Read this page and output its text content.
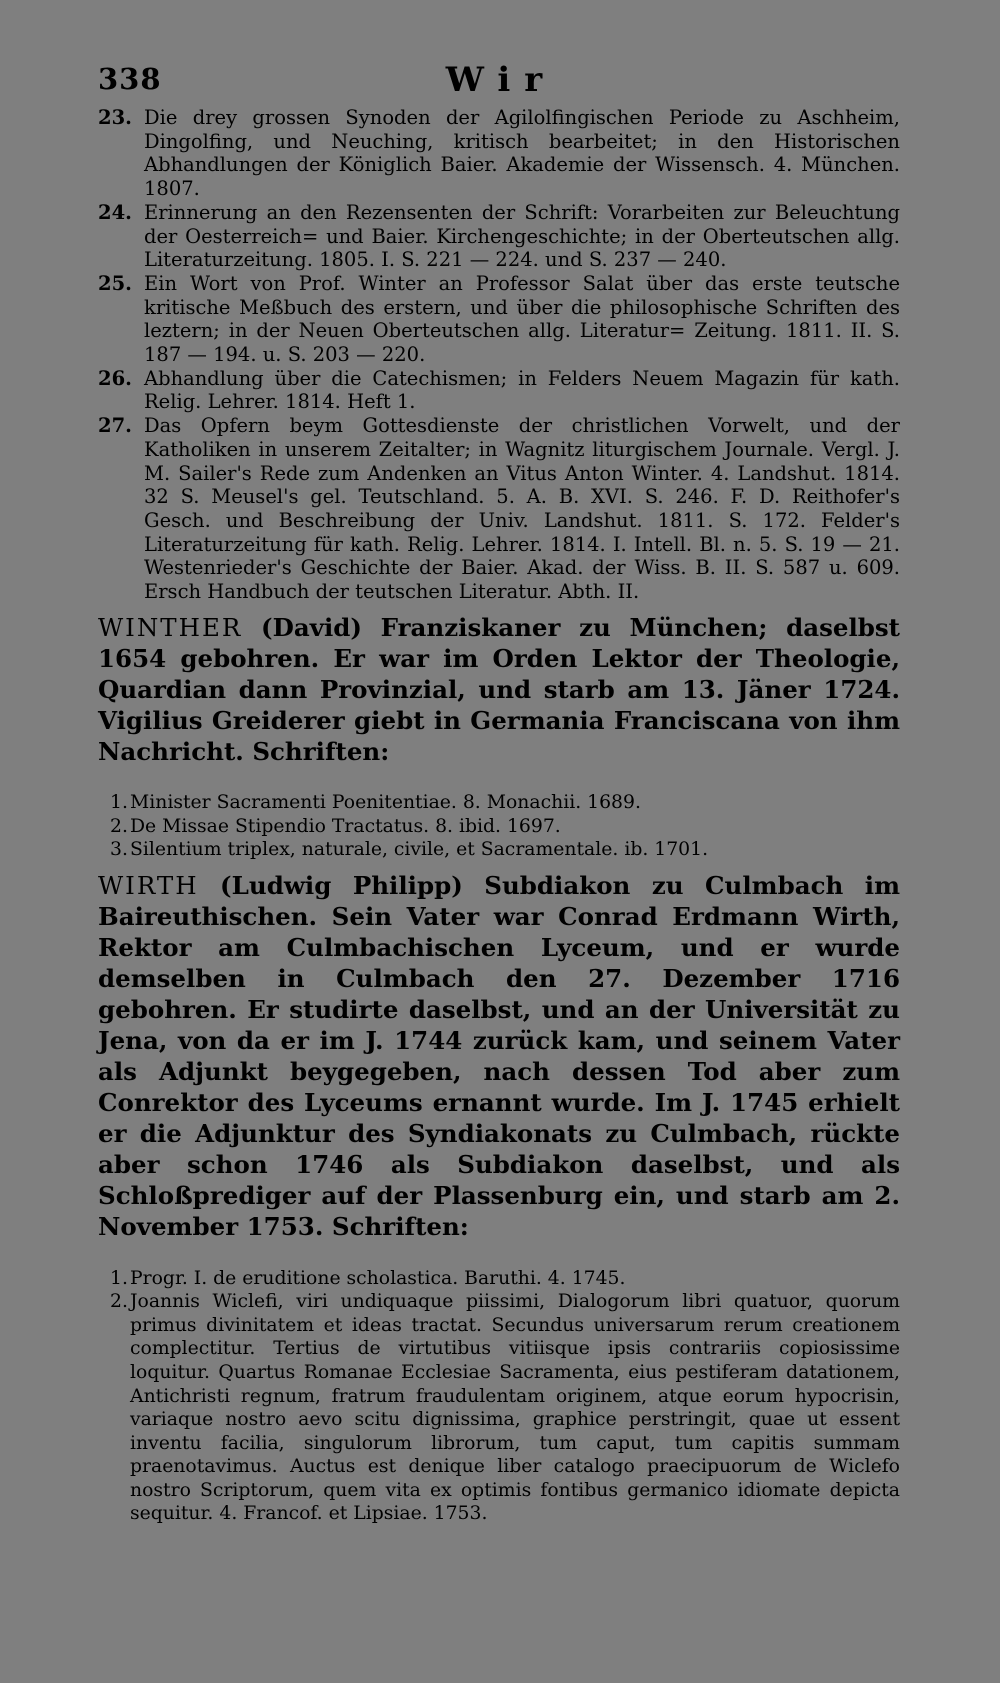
338	Wir

23. Die drey grossen Synoden der Agilolfingischen Periode zu Aschheim, Dingolfing, und Neuching, kritisch bearbeitet; in den Historischen Abhandlungen der Königlich Baier. Akademie der Wissensch. 4. München. 1807.

24. Erinnerung an den Rezensenten der Schrift: Vorarbeiten zur Beleuchtung der Oesterreich= und Baier. Kirchengeschichte; in der Oberteutschen allg. Literaturzeitung. 1805. I. S. 221 — 224. und S. 237 — 240.

25. Ein Wort von Prof. Winter an Professor Salat über das erste teutsche kritische Meßbuch des erstern, und über die philosophische Schriften des leztern; in der Neuen Oberteutschen allg. Literatur= Zeitung. 1811. II. S. 187 — 194. u. S. 203 — 220.

26. Abhandlung über die Catechismen; in Felders Neuem Magazin für kath. Relig. Lehrer. 1814. Heft 1.

27. Das Opfern beym Gottesdienste der christlichen Vorwelt, und der Katholiken in unserem Zeitalter; in Wagnitz liturgischem Journale. Vergl. J. M. Sailer's Rede zum Andenken an Vitus Anton Winter. 4. Landshut. 1814. 32 S. Meusel's gel. Teutschland. 5. A. B. XVI. S. 246. F. D. Reithofer's Gesch. und Beschreibung der Univ. Landshut. 1811. S. 172. Felder's Literaturzeitung für kath. Relig. Lehrer. 1814. I. Intell. Bl. n. 5. S. 19 — 21. Westenrieder's Geschichte der Baier. Akad. der Wiss. B. II. S. 587 u. 609. Ersch Handbuch der teutschen Literatur. Abth. II.

WINTHER (David) Franziskaner zu München; daselbst 1654 gebohren. Er war im Orden Lektor der Theologie, Quardian dann Provinzial, und starb am 13. Jäner 1724. Vigilius Greiderer giebt in Germania Franciscana von ihm Nachricht. Schriften:

1. Minister Sacramenti Poenitentiae. 8. Monachii. 1689.
2. De Missae Stipendio Tractatus. 8. ibid. 1697.
3. Silentium triplex, naturale, civile, et Sacramentale. ib. 1701.

WIRTH (Ludwig Philipp) Subdiakon zu Culmbach im Baireuthischen. Sein Vater war Conrad Erdmann Wirth, Rektor am Culmbachischen Lyceum, und er wurde demselben in Culmbach den 27. Dezember 1716 gebohren. Er studirte daselbst, und an der Universität zu Jena, von da er im J. 1744 zurück kam, und seinem Vater als Adjunkt beygegeben, nach dessen Tod aber zum Conrektor des Lyceums ernannt wurde. Im J. 1745 erhielt er die Adjunktur des Syndiakonats zu Culmbach, rückte aber schon 1746 als Subdiakon daselbst, und als Schloßprediger auf der Plassenburg ein, und starb am 2. November 1753. Schriften:

1. Progr. I. de eruditione scholastica. Baruthi. 4. 1745.
2. Joannis Wiclefi, viri undiquaque piissimi, Dialogorum libri quatuor, quorum primus divinitatem et ideas tractat. Secundus universarum rerum creationem complectitur. Tertius de virtutibus vitiisque ipsis contrariis copiosissime loquitur. Quartus Romanae Ecclesiae Sacramenta, eius pestiferam datationem, Antichristi regnum, fratrum fraudulentam originem, atque eorum hypocrisin, variaque nostro aevo scitu dignissima, graphice perstringit, quae ut essent inventu facilia, singulorum librorum, tum caput, tum capitis summam praenotavimus. Auctus est denique liber catalogo praecipuorum de Wiclefo nostro Scriptorum, quem vita ex optimis fontibus germanico idiomate depicta sequitur. 4. Francof. et Lipsiae. 1753.
